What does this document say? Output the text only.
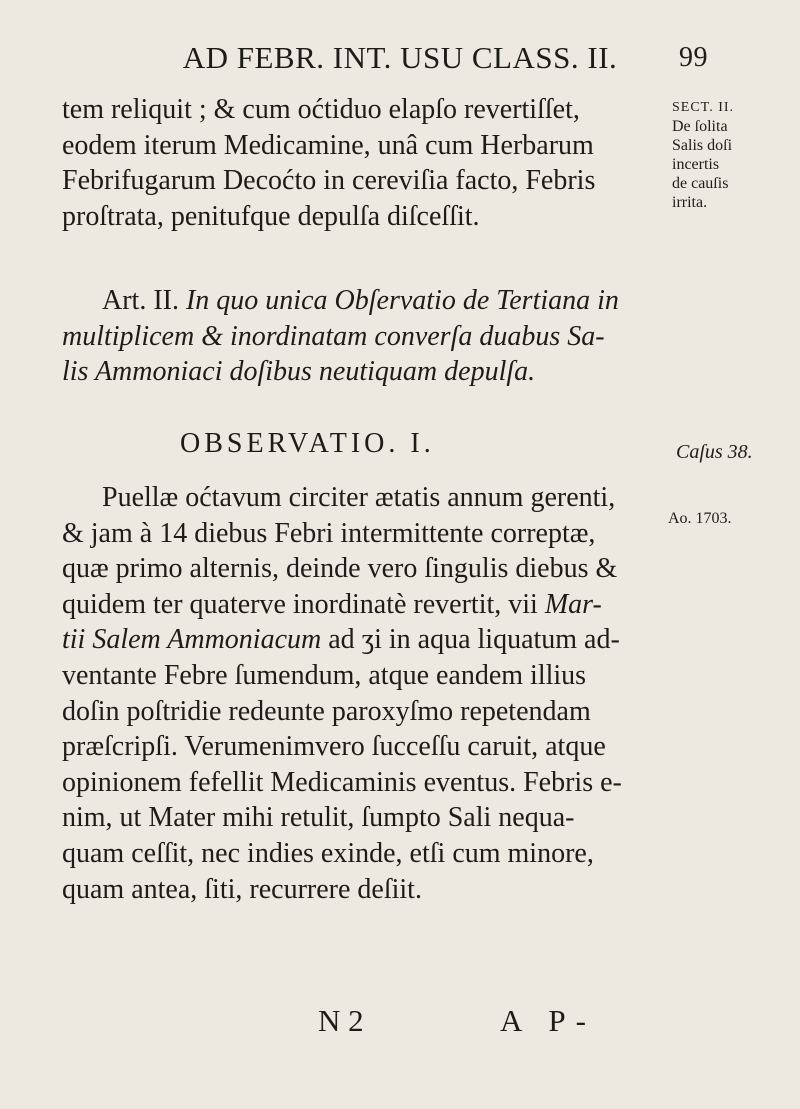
AD FEBR. INT. USU CLASS. II. 99
tem reliquit ; & cum oćtiduo elapſo revertiſſet,
eodem iterum Medicamine, unâ cum Herbarum
Febrifugarum Decoćto in cereviſia facto, Febris
proſtrata, penitufque depulſa diſceſſit.
SECT. II.
De ſolita
Salis doſi
incertis
de cauſis
irrita.
Art. II. In quo unica Obſervatio de Tertiana in
multiplicem & inordinatam converſa duabus Sa-
lis Ammoniaci doſibus neutiquam depulſa.
OBSERVATIO. I.	Caſus 38.
Ao. 1703.
Puellæ oćtavum circiter ætatis annum gerenti,
& jam à 14 diebus Febri intermittente correptæ,
quæ primo alternis, deinde vero ſingulis diebus &
quidem ter quaterve inordinatè revertit, vii Mar-
tii Salem Ammoniacum ad ʒi in aqua liquatum ad-
ventante Febre ſumendum, atque eandem illius
doſin poſtridie redeunte paroxyſmo repetendam
præſcripſi. Verumenimvero ſucceſſu caruit, atque
opinionem fefellit Medicaminis eventus. Febris e-
nim, ut Mater mihi retulit, ſumpto Sali nequa-
quam ceſſit, nec indies exinde, etſi cum minore,
quam antea, ſiti, recurrere deſiit.
N 2	A P-
